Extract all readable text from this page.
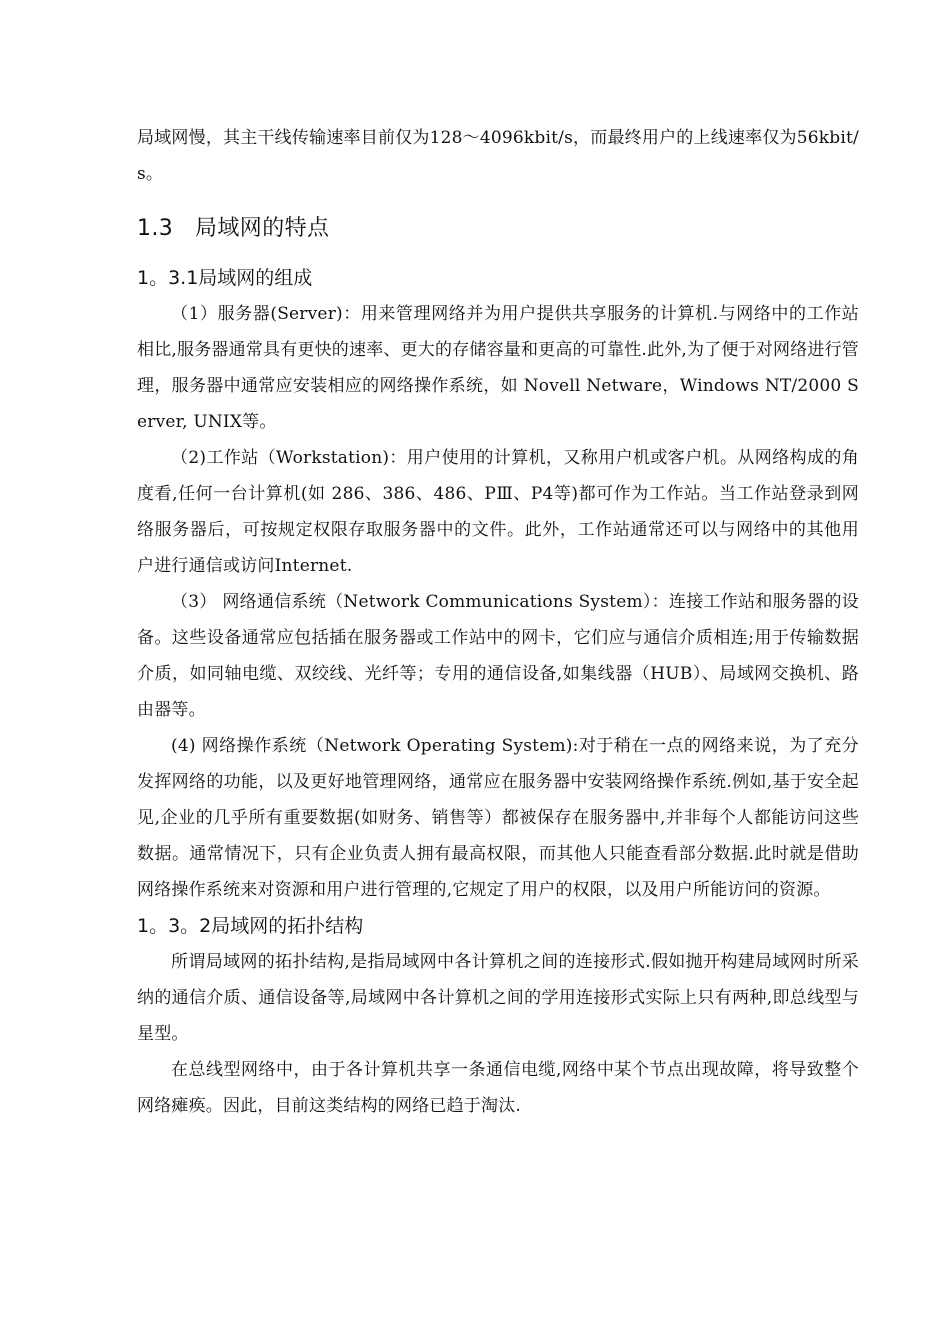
局域网慢，其主干线传输速率目前仅为128～4096kbit/s，而最终用户的上线速率仅为56kbit/s。

1.3 局域网的特点
1。3.1局域网的组成

（1）服务器(Server)：用来管理网络并为用户提供共享服务的计算机.与网络中的工作站相比,服务器通常具有更快的速率、更大的存储容量和更高的可靠性.此外,为了便于对网络进行管理，服务器中通常应安装相应的网络操作系统，如 Novell Netware，Windows NT/2000 Server, UNIX等。

（2)工作站（Workstation)：用户使用的计算机，又称用户机或客户机。从网络构成的角度看,任何一台计算机(如 286、386、486、PⅢ、P4等)都可作为工作站。当工作站登录到网络服务器后，可按规定权限存取服务器中的文件。此外，工作站通常还可以与网络中的其他用户进行通信或访问Internet.

（3） 网络通信系统（Network Communications System）：连接工作站和服务器的设备。这些设备通常应包括插在服务器或工作站中的网卡，它们应与通信介质相连;用于传输数据介质，如同轴电缆、双绞线、光纤等；专用的通信设备,如集线器（HUB）、局域网交换机、路由器等。

(4) 网络操作系统（Network Operating System):对于稍在一点的网络来说，为了充分发挥网络的功能，以及更好地管理网络，通常应在服务器中安装网络操作系统.例如,基于安全起见,企业的几乎所有重要数据(如财务、销售等）都被保存在服务器中,并非每个人都能访问这些数据。通常情况下，只有企业负责人拥有最高权限，而其他人只能查看部分数据.此时就是借助网络操作系统来对资源和用户进行管理的,它规定了用户的权限，以及用户所能访问的资源。

1。3。2局域网的拓扑结构

所谓局域网的拓扑结构,是指局域网中各计算机之间的连接形式.假如抛开构建局域网时所采纳的通信介质、通信设备等,局域网中各计算机之间的学用连接形式实际上只有两种,即总线型与星型。

在总线型网络中，由于各计算机共享一条通信电缆,网络中某个节点出现故障，将导致整个网络瘫痪。因此，目前这类结构的网络已趋于淘汰.
